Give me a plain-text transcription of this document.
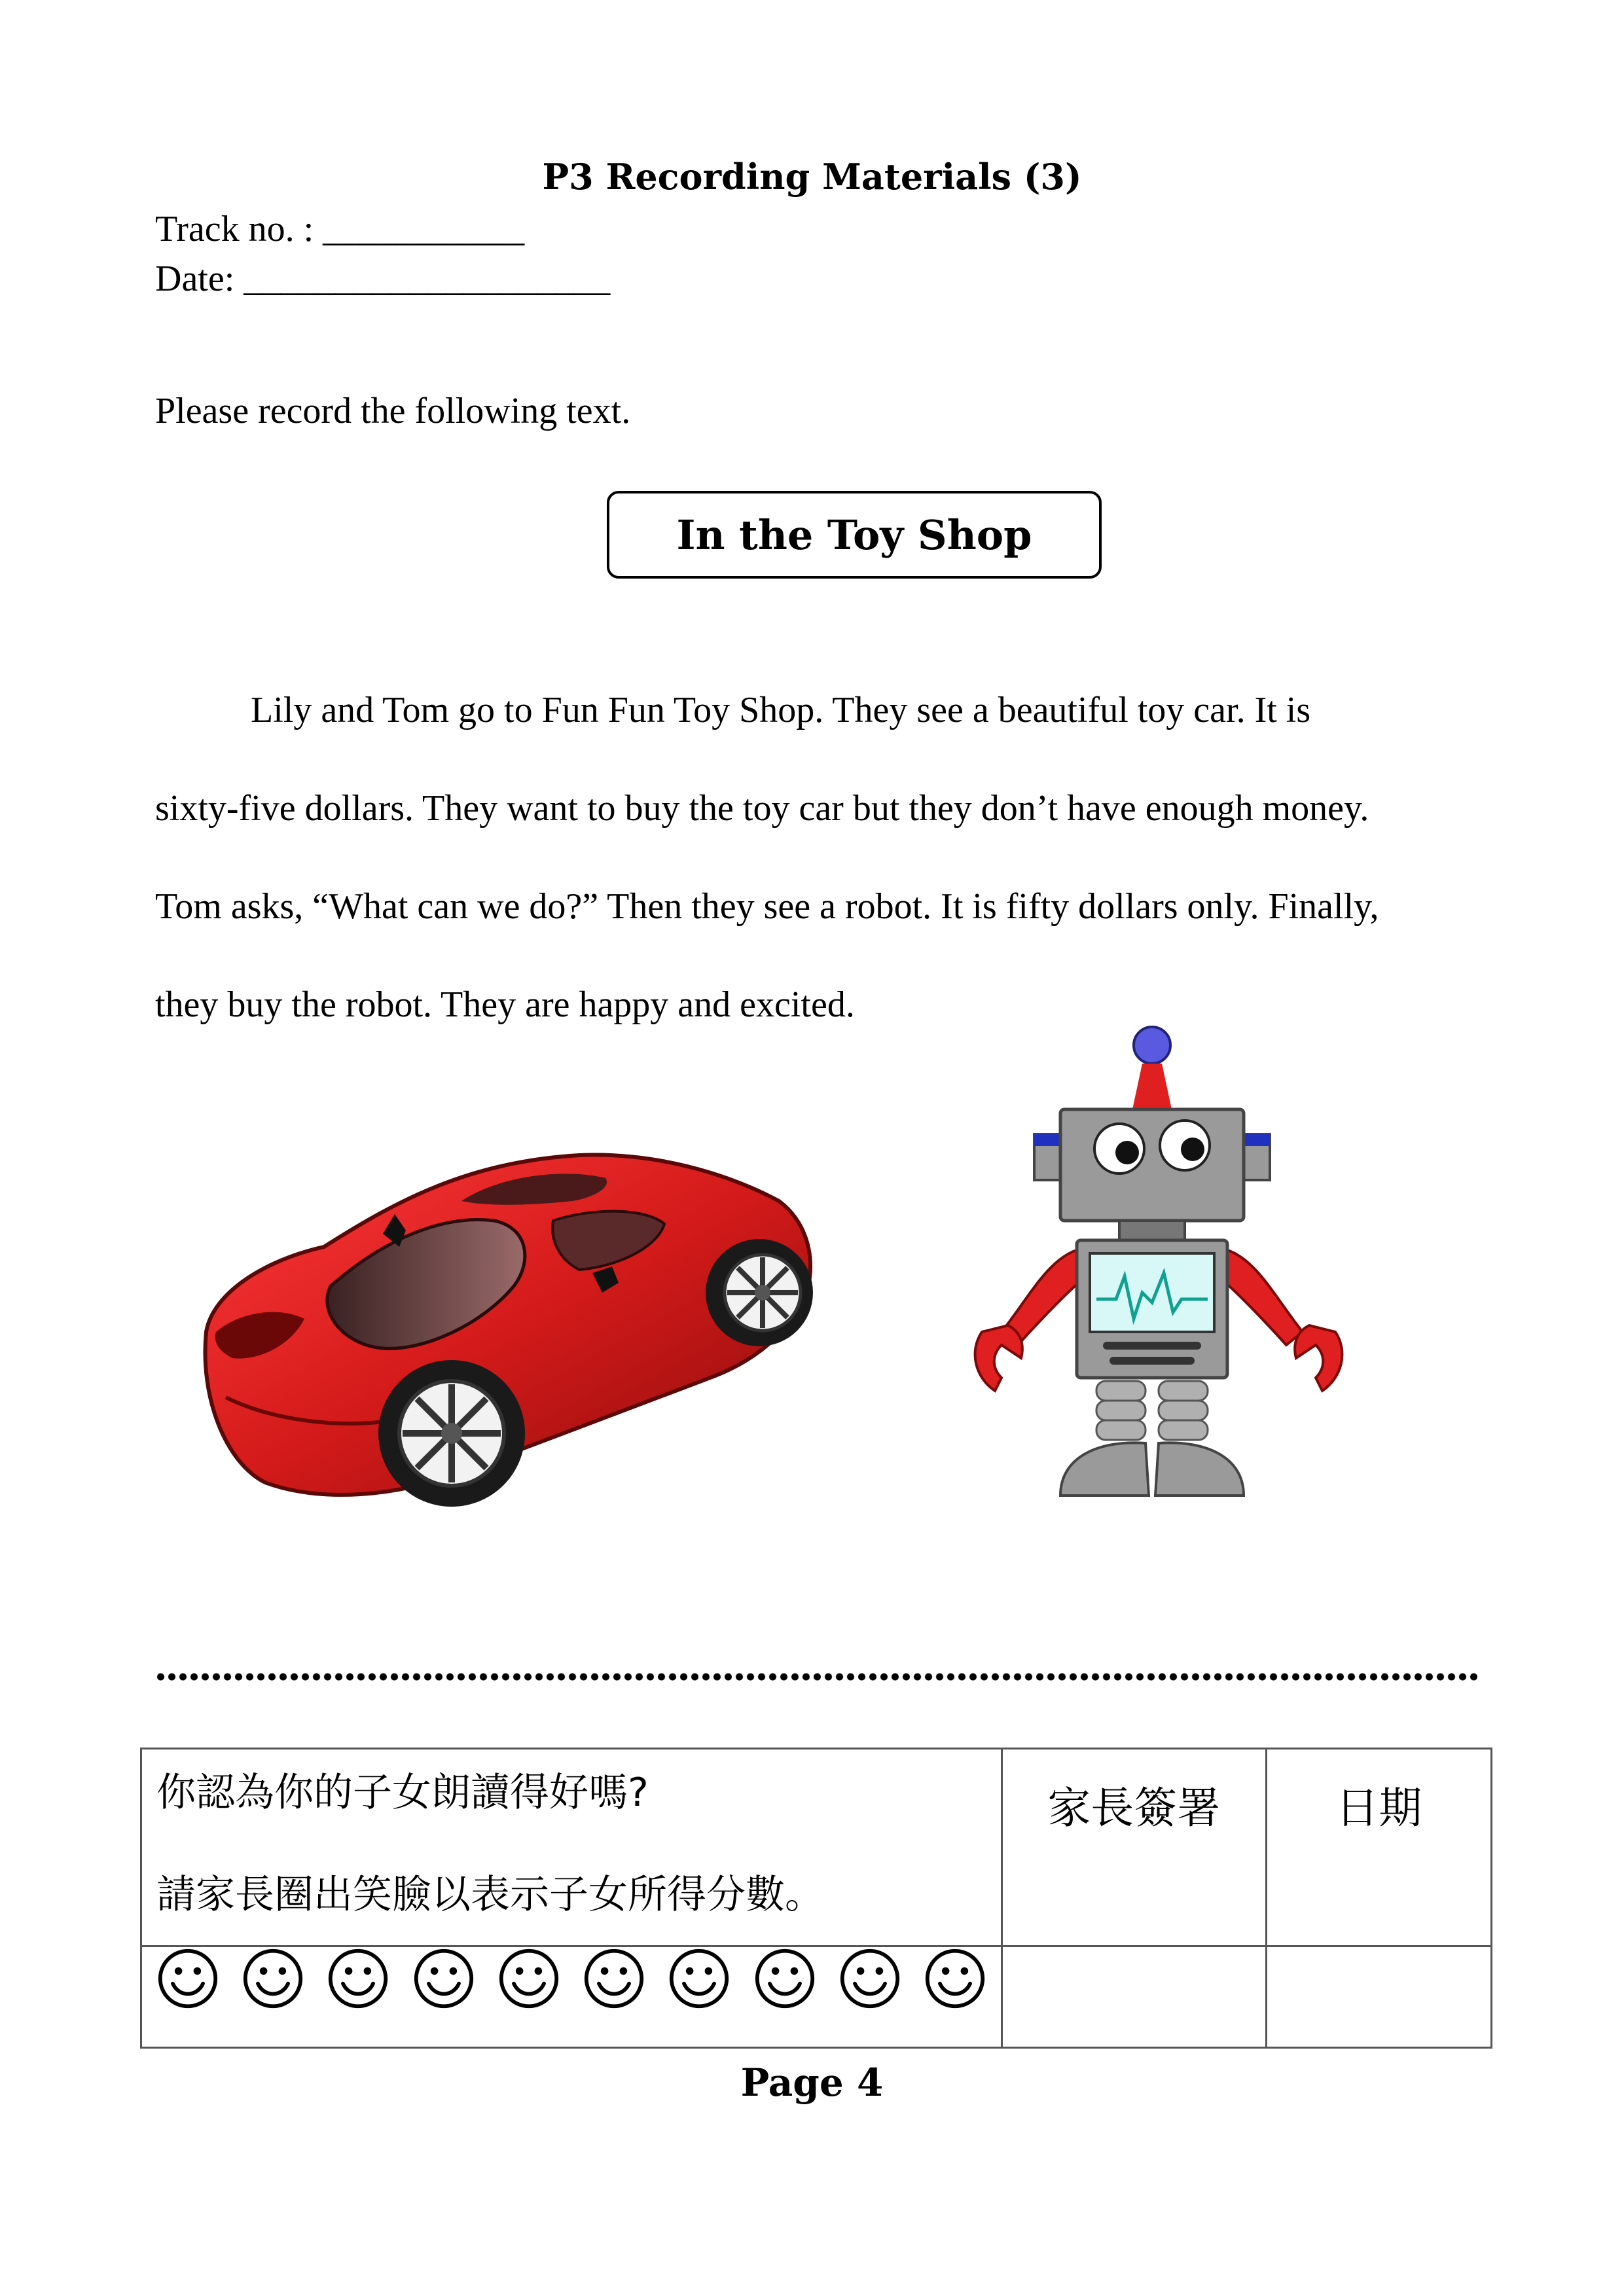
P3 Recording Materials (3)
Track no. : ___________
Date: ____________________
Please record the following text.
In the Toy Shop
Lily and Tom go to Fun Fun Toy Shop. They see a beautiful toy car. It is
sixty-five dollars. They want to buy the toy car but they don’t have enough money.
Tom asks, “What can we do?” Then they see a robot. It is fifty dollars only. Finally,
they buy the robot. They are happy and excited.
你認為你的子女朗讀得好嗎?
請家長圈出笑臉以表示子女所得分數。	家長簽署	日期

Page 4
